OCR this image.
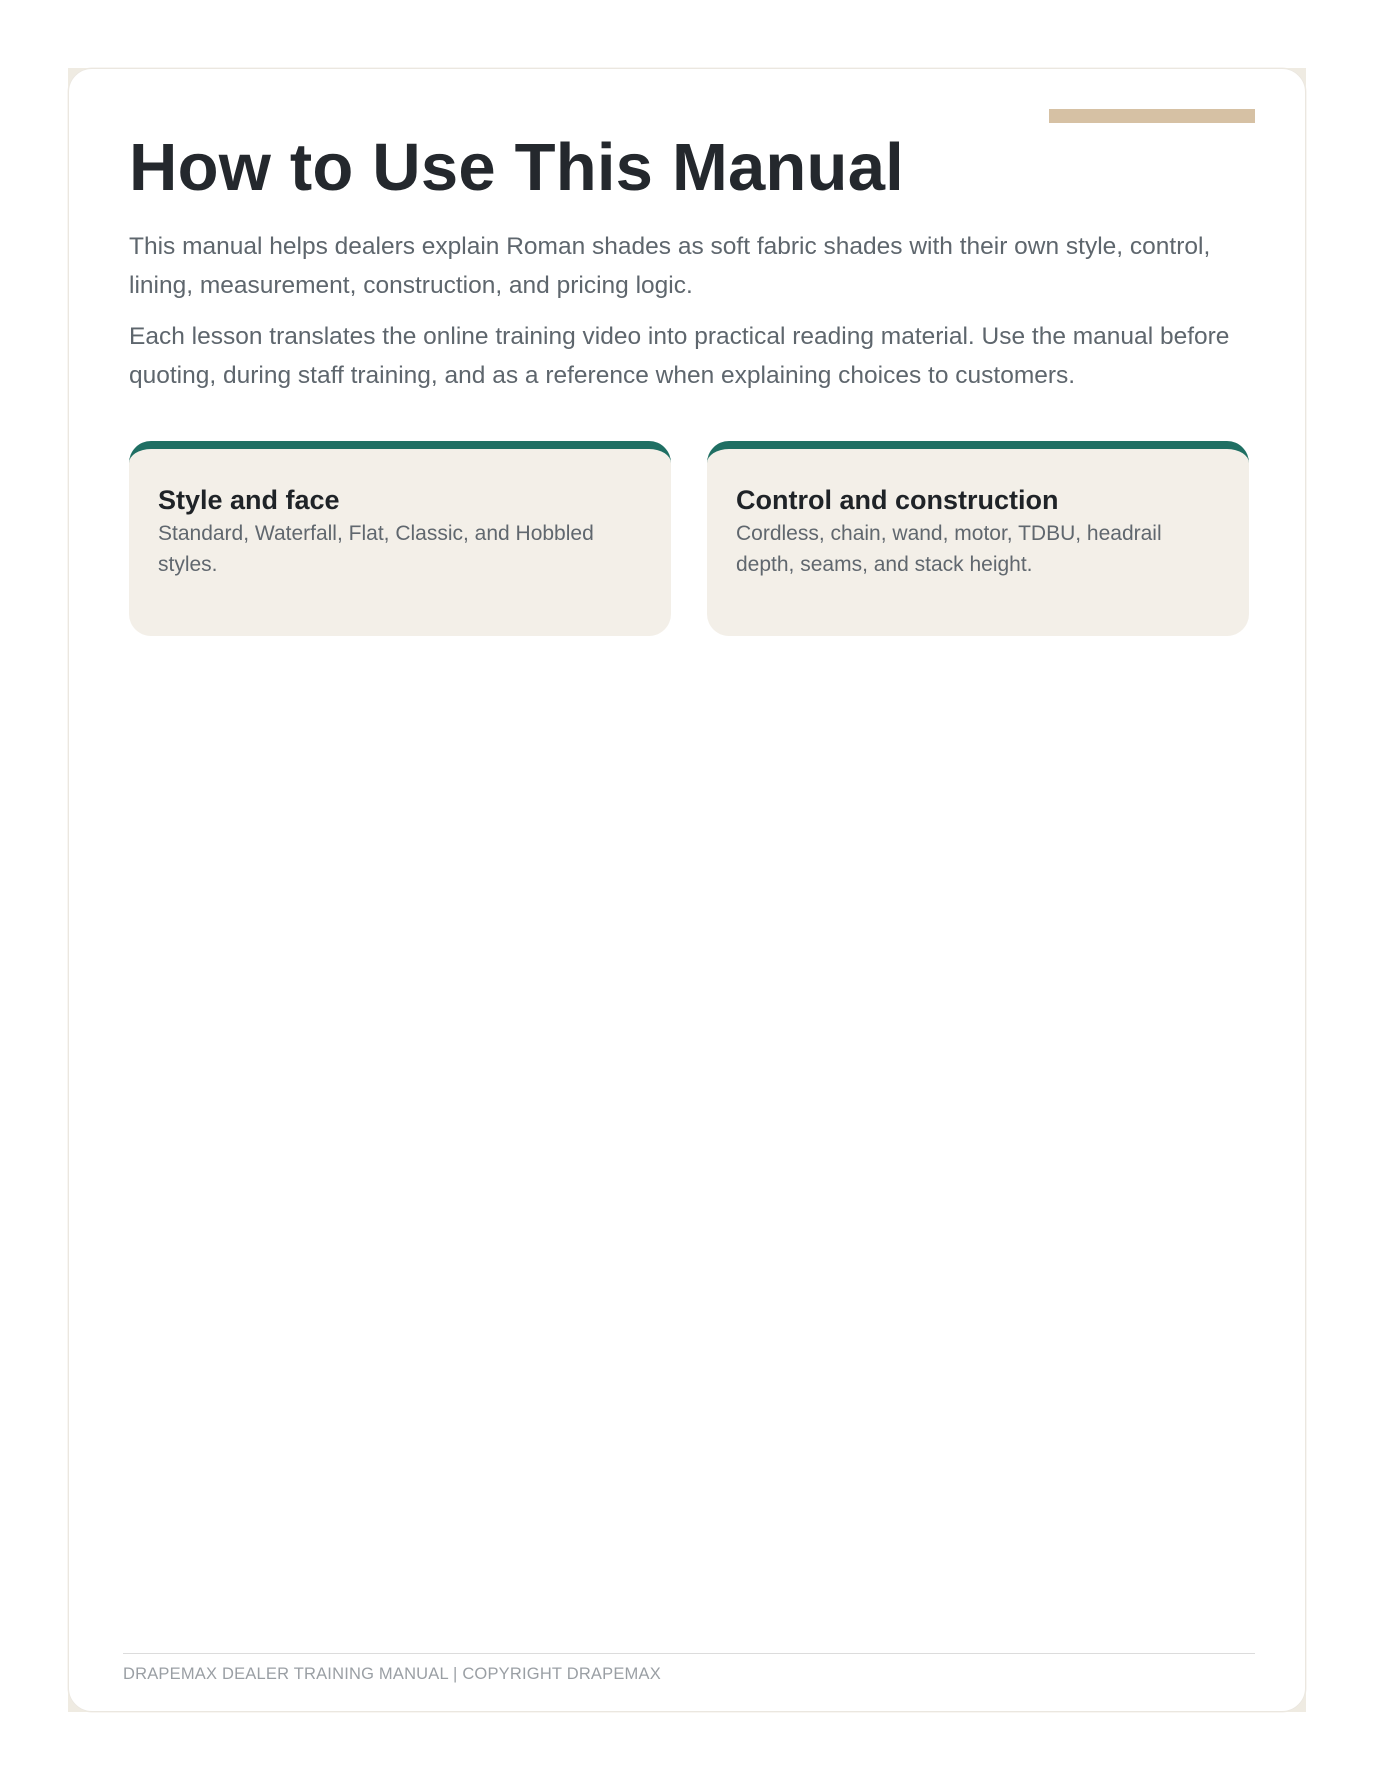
How to Use This Manual

This manual helps dealers explain Roman shades as soft fabric shades with their own style, control, lining, measurement, construction, and pricing logic.

Each lesson translates the online training video into practical reading material. Use the manual before quoting, during staff training, and as a reference when explaining choices to customers.

Style and face

Standard, Waterfall, Flat, Classic, and Hobbled styles.

Control and construction

Cordless, chain, wand, motor, TDBU, headrail depth, seams, and stack height.

DRAPEMAX DEALER TRAINING MANUAL | COPYRIGHT DRAPEMAX
